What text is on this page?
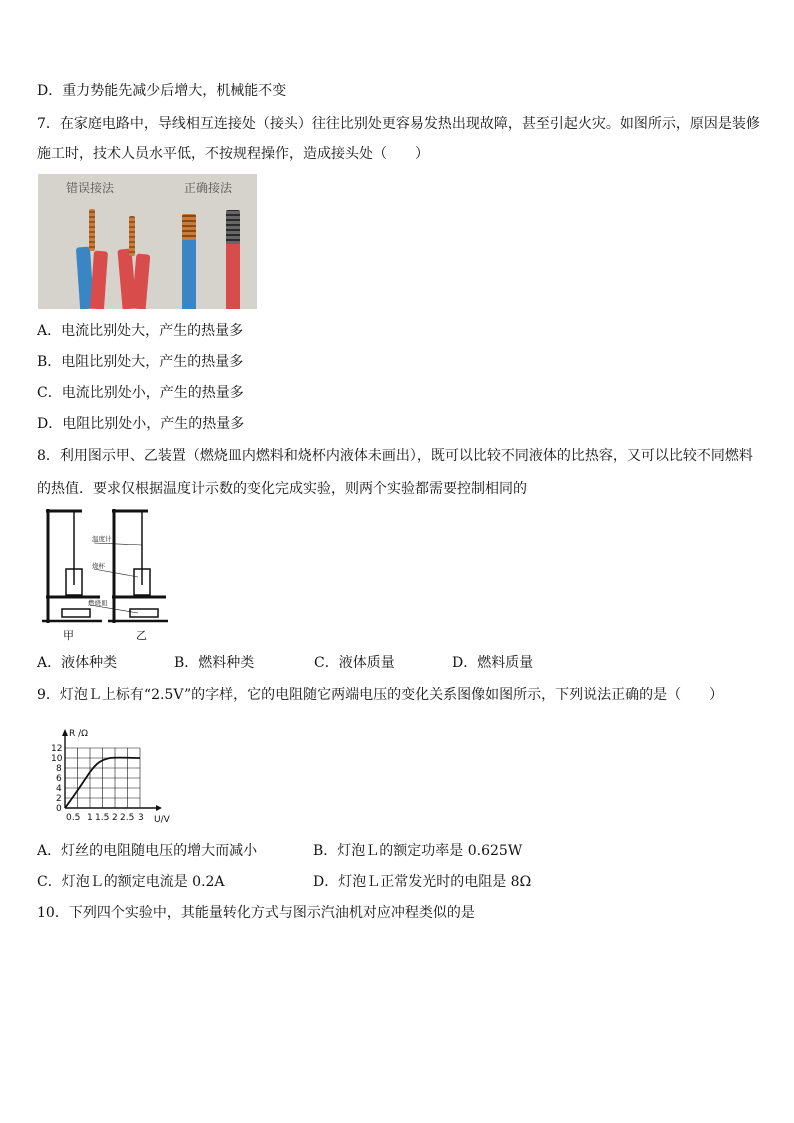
D．重力势能先减少后增大，机械能不变
7．在家庭电路中，导线相互连接处（接头）往往比别处更容易发热出现故障，甚至引起火灾。如图所示，原因是装修
施工时，技术人员水平低，不按规程操作，造成接头处（　　）
错误接法	正确接法
A．电流比别处大，产生的热量多
B．电阻比别处大，产生的热量多
C．电流比别处小，产生的热量多
D．电阻比别处小，产生的热量多
8．利用图示甲、乙装置（燃烧皿内燃料和烧杯内液体未画出），既可以比较不同液体的比热容，又可以比较不同燃料
的热值．要求仅根据温度计示数的变化完成实验，则两个实验都需要控制相同的
温度计
烧杯
燃烧皿
甲	乙
A．液体种类	B．燃料种类	C．液体质量	D．燃料质量
9．灯泡Ｌ上标有“2.5V”的字样，它的电阻随它两端电压的变化关系图像如图所示，下列说法正确的是（　　）
R /Ω
U/V
12
10
8
6
4
2
0
0.5 1 1.5 2 2.5 3
A．灯丝的电阻随电压的增大而减小	B．灯泡Ｌ的额定功率是 0.625W
C．灯泡Ｌ的额定电流是 0.2A	D．灯泡Ｌ正常发光时的电阻是 8Ω
10．下列四个实验中，其能量转化方式与图示汽油机对应冲程类似的是
